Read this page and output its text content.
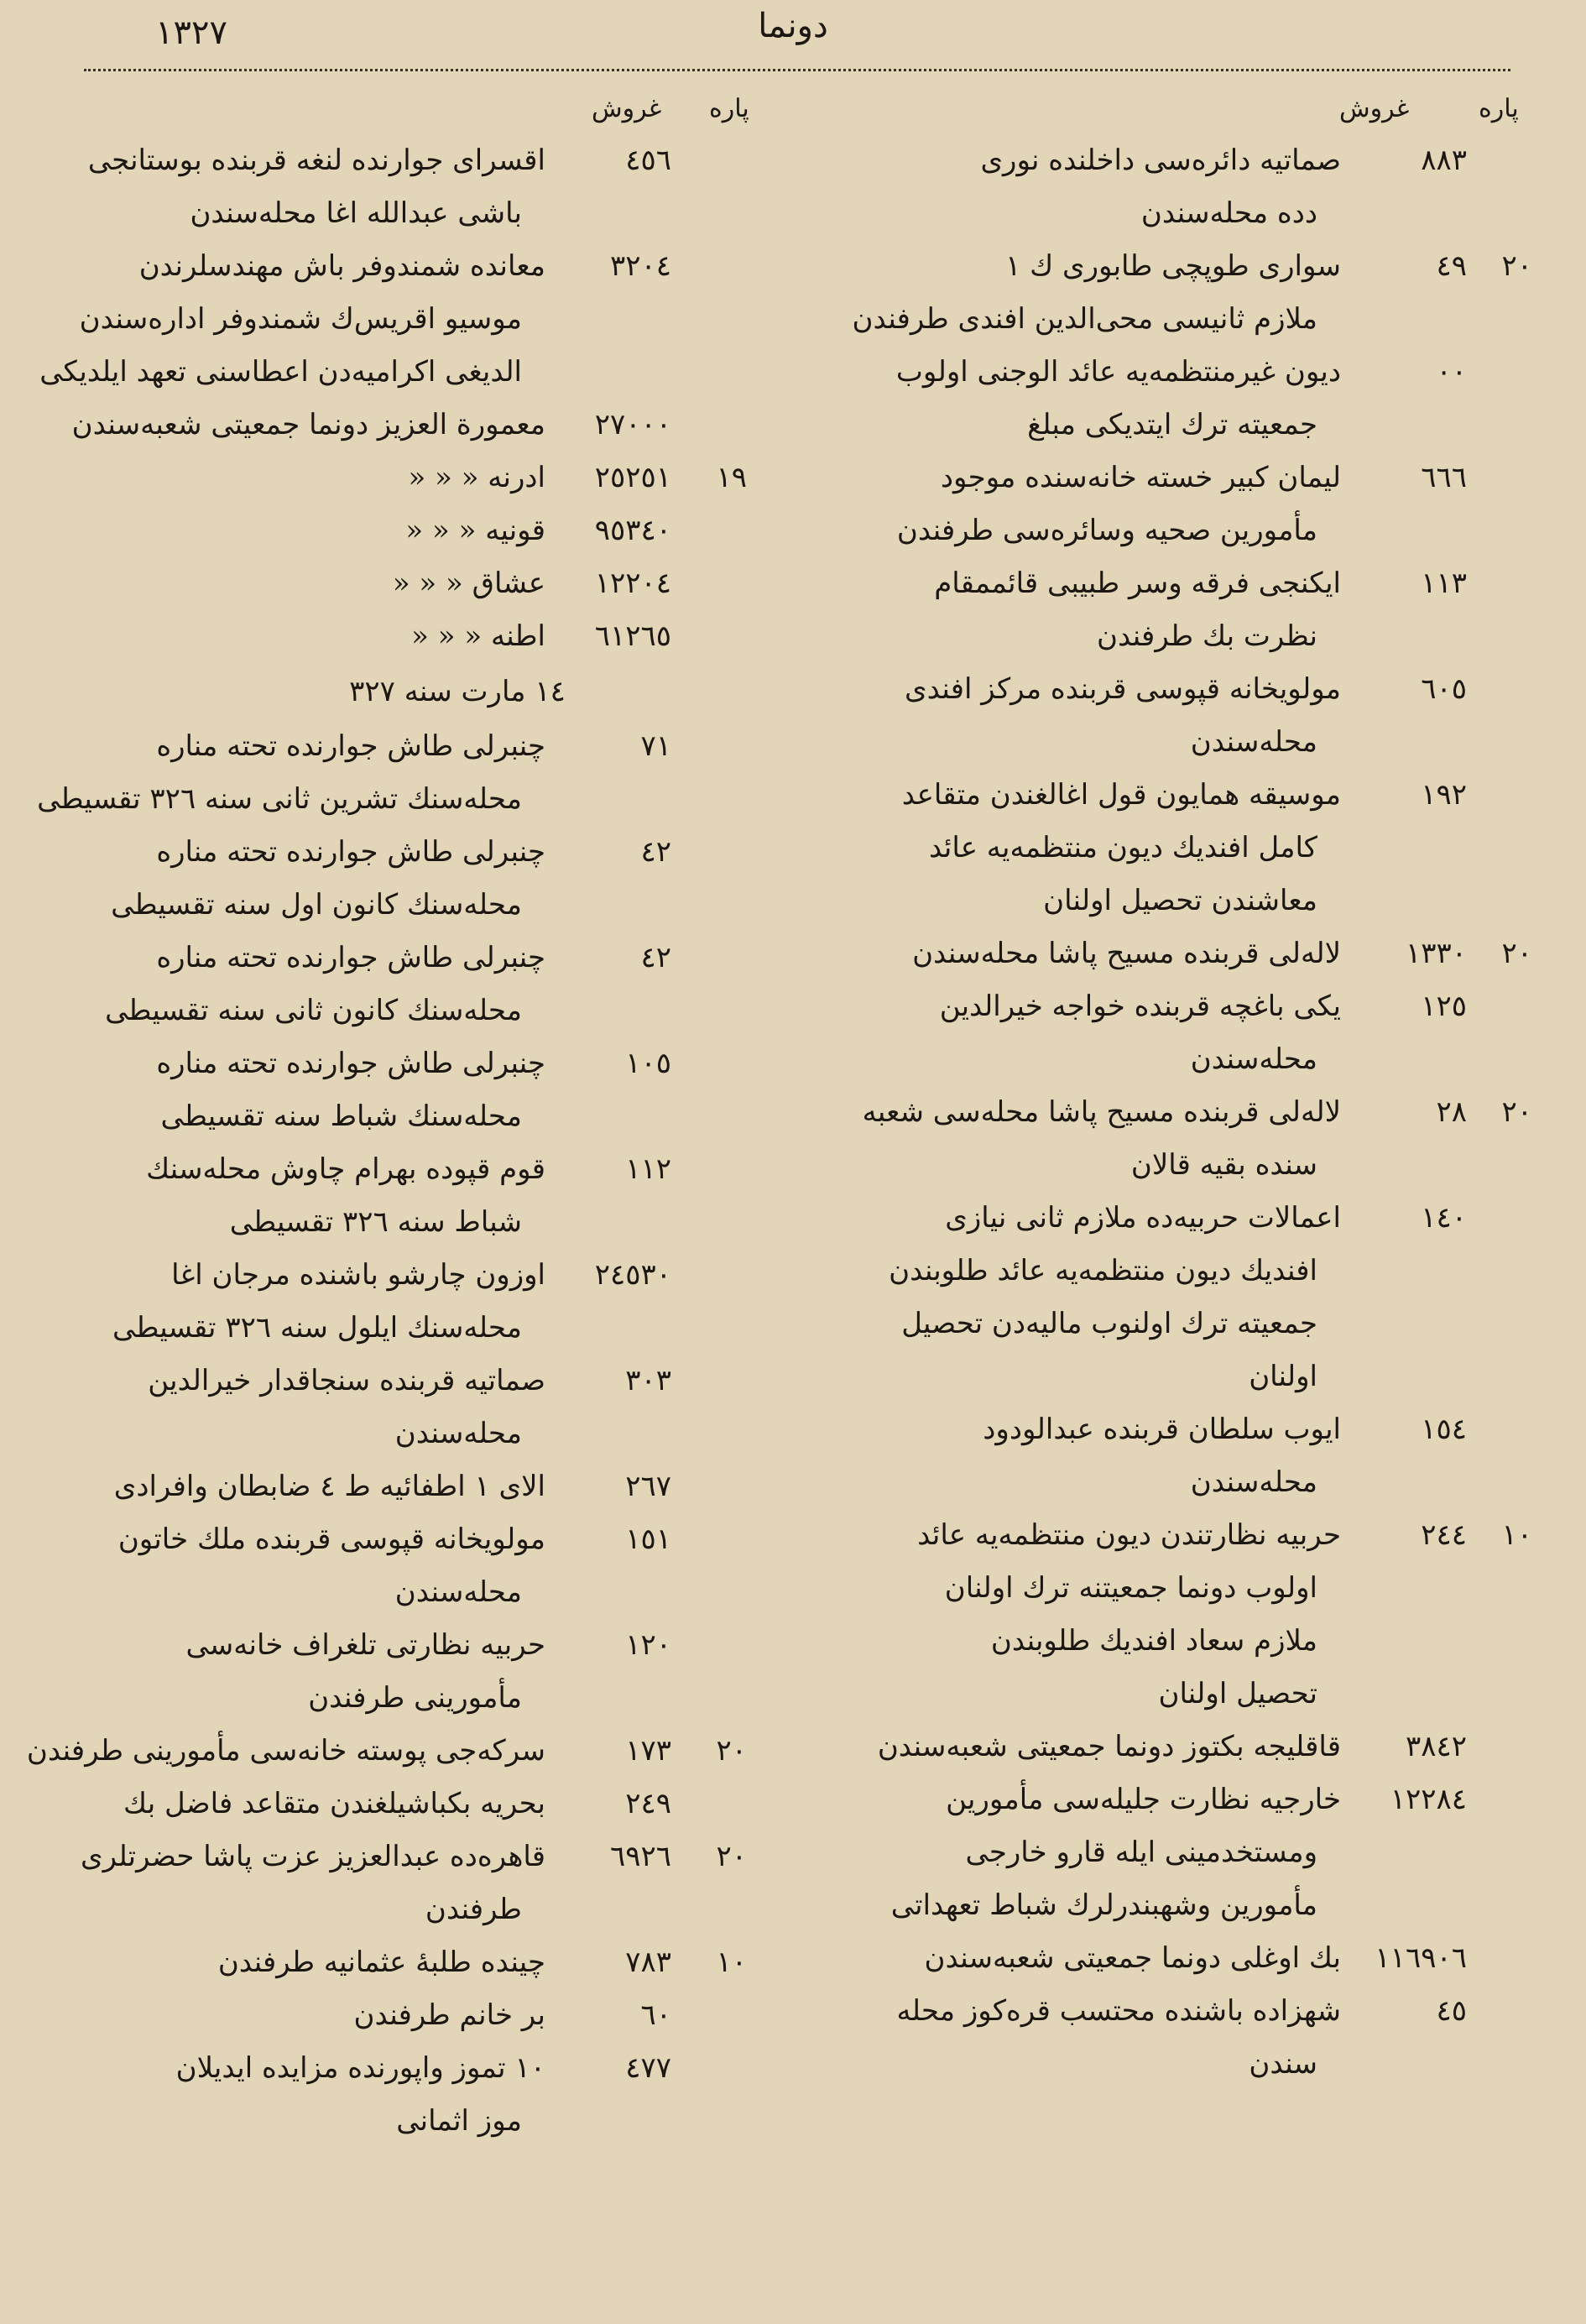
١٣٢٧	دونما
پاره
غروش
پاره
غروش
٨٨٣
صماتيه دائره‌سی داخلنده نوری
دده محله‌سندن
٢٠
٤٩
سواری طوپچی طابوری ك ١
ملازم ثانيسی محی‌الدين افندی طرفندن
٠٠
ديون غيرمنتظمه‌يه عائد الوجنی اولوب
جمعيته ترك ايتديكی مبلغ
٦٦٦
ليمان كبير خسته خانه‌سنده موجود
مأمورين صحيه وسائره‌سی طرفندن
١١٣
ايكنجی فرقه وسر طبيبی قائممقام
نظرت بك طرفندن
٦٠٥
مولويخانه قپوسی قربنده مركز افندی
محله‌سندن
١٩٢
موسيقه همايون قول اغالغندن متقاعد
كامل افنديك ديون منتظمه‌يه عائد
معاشندن تحصيل اولنان
٢٠
١٣٣٠
لالەلی قربنده مسيح پاشا محله‌سندن
١٢٥
يكی باغچه قربنده خواجه خيرالدين
محله‌سندن
٢٠
٢٨
لالەلی قربنده مسيح پاشا محله‌سی شعبه
سنده بقيه قالان
١٤٠
اعمالات حربيه‌ده ملازم ثانی نيازی
افنديك ديون منتظمه‌يه عائد طلوبندن
جمعيته ترك اولنوب ماليه‌دن تحصيل
اولنان
١٥٤
ايوب سلطان قربنده عبدالودود
محله‌سندن
١٠
٢٤٤
حربيه نظارتندن ديون منتظمه‌يه عائد
اولوب دونما جمعيتنه ترك اولنان
ملازم سعاد افنديك طلوبندن
تحصيل اولنان
٣٨٤٢
قاقليجه بكتوز دونما جمعيتی شعبه‌سندن
١٢٢٨٤
خارجيه نظارت جليله‌سی مأمورين
ومستخدمينی ايله قارو خارجی
مأمورين وشهبندرلرك شباط تعهداتی
١١٦٩٠٦
بك اوغلی دونما جمعيتی شعبه‌سندن
٤٥
شهزاده باشنده محتسب قره‌كوز محله
سندن
٤٥٦
اقسرای جوارنده لنغه قربنده بوستانجی
باشی عبدالله اغا محله‌سندن
٣٢٠٤
معانده شمندوفر باش مهندسلرندن
موسيو اقريس‌ك شمندوفر اداره‌سندن
الديغی اكراميه‌دن اعطاسنی تعهد ايلديكی
٢٧٠٠٠
معمورة العزيز دونما جمعيتی شعبه‌سندن
١٩
٢٥٢٥١
ادرنه « « «
٩٥٣٤٠
قونيه « « «
١٢٢٠٤
عشاق « « «
٦١٢٦٥
اطنه « « «
١٤ مارت سنه ٣٢٧
٧١
چنبرلی طاش جوارنده تحته مناره
محله‌سنك تشرين ثانی سنه ٣٢٦ تقسيطی
٤٢
چنبرلی طاش جوارنده تحته مناره
محله‌سنك كانون اول سنه تقسيطی
٤٢
چنبرلی طاش جوارنده تحته مناره
محله‌سنك كانون ثانی سنه تقسيطی
١٠٥
چنبرلی طاش جوارنده تحته مناره
محله‌سنك شباط سنه تقسيطی
١١٢
قوم قپوده بهرام چاوش محله‌سنك
شباط سنه ٣٢٦ تقسيطی
٢٤٥٣٠
اوزون چارشو باشنده مرجان اغا
محله‌سنك ايلول سنه ٣٢٦ تقسيطی
٣٠٣
صماتيه قربنده سنجاقدار خيرالدين
محله‌سندن
٢٦٧
الای ١ اطفائيه ط ٤ ضابطان وافرادی
١٥١
مولويخانه قپوسی قربنده ملك خاتون
محله‌سندن
١٢٠
حربيه نظارتی تلغراف خانه‌سی
مأمورينی طرفندن
٢٠
١٧٣
سركه‌جی پوسته خانه‌سی مأمورينی طرفندن
٢٤٩
بحريه بكباشيلغندن متقاعد فاضل بك
٢٠
٦٩٢٦
قاهره‌ده عبدالعزيز عزت پاشا حضرتلری
طرفندن
١٠
٧٨٣
چينده طلبهٔ عثمانيه طرفندن
٦٠
بر خانم طرفندن
٤٧٧
١٠ تموز واپورنده مزايده ايديلان
موز اثمانی
